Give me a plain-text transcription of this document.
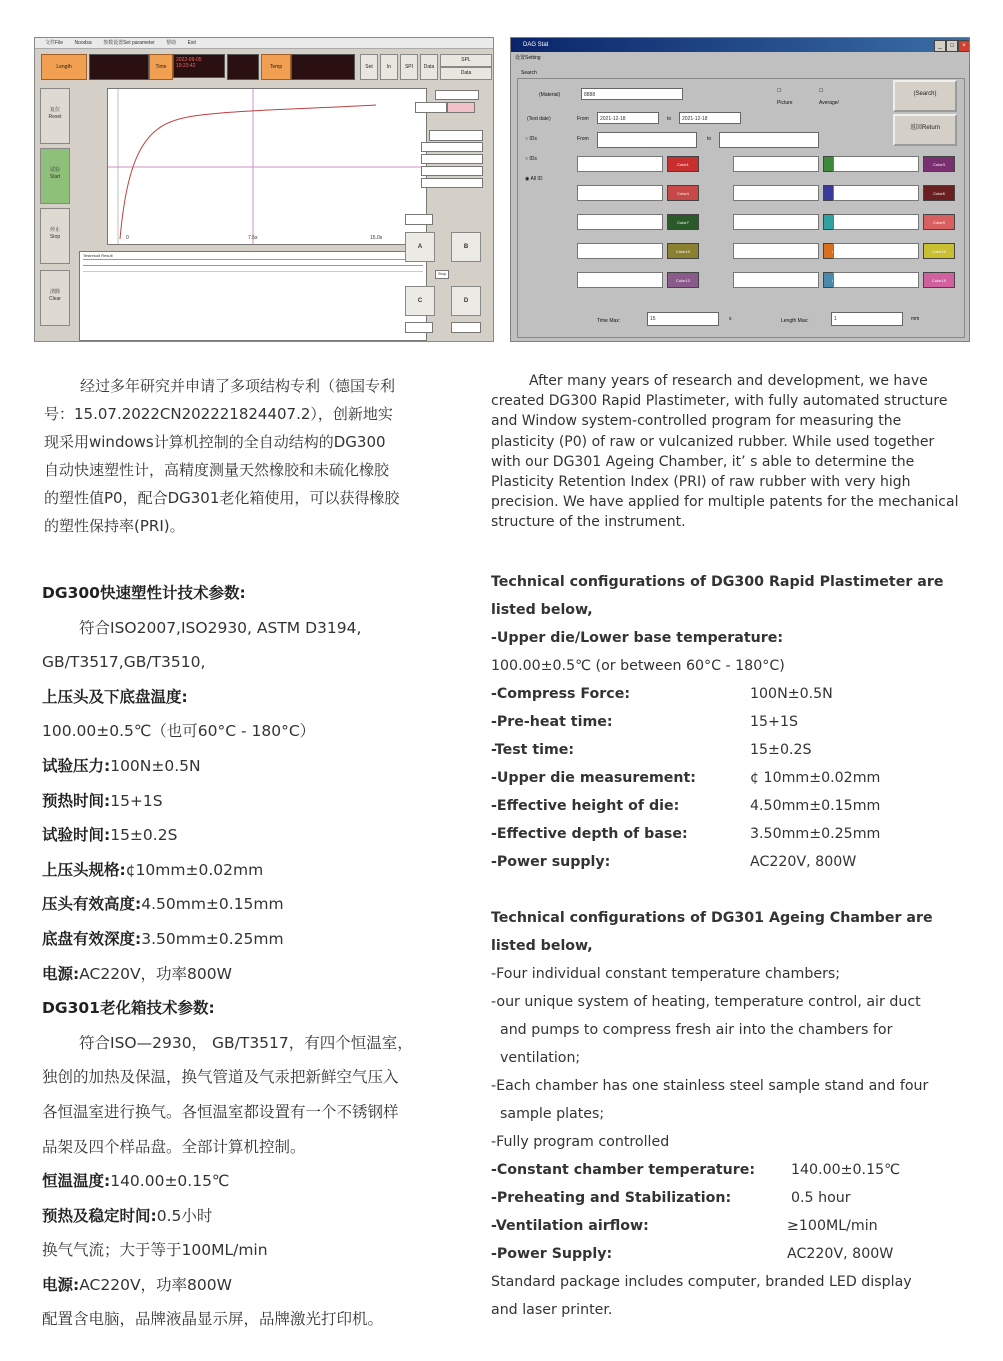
文件File Noodsa 参数设置Set parameter 帮助 Exit
Length	Time
2022-09-05 19:23:42	Temp	Set	In	SPI	Data
SPL
Data
复位
Reset
试验
Start
停止
Stop
清除
Clear
0	7.5s	15.0s
Testresult Result
A	B
Stop
C	D
DAG Stat	_	□	×
设置Setting
Search
(Material)	8888
☐
Picture
☐
Average/
(Search)
(Test date)	From	2021-12-18	to	2021-12-18
返回Return
○ IDs	From	to
○ IDs
◉ All ID
Color1	Color3
Color4	Color6
Color7	Color9
Color10	Color12
Color13	Color15
Time Max:	15	s	Length Max:	1	mm
经过多年研究并申请了多项结构专利（德国专利
号：15.07.2022CN202221824407.2），创新地实
现采用windows计算机控制的全自动结构的DG300
自动快速塑性计，高精度测量天然橡胶和未硫化橡胶
的塑性值P0，配合DG301老化箱使用，可以获得橡胶
的塑性保持率(PRI)。
After many years of research and development, we have
created DG300 Rapid Plastimeter, with fully automated structure
and Window system-controlled program for measuring the
plasticity (P0) of raw or vulcanized rubber. While used together
with our DG301 Ageing Chamber, it’ s able to determine the
Plasticity Retention Index (PRI) of raw rubber with very high
precision. We have applied for multiple patents for the mechanical
structure of the instrument.
DG300快速塑性计技术参数:
符合ISO2007,ISO2930, ASTM D3194,
GB/T3517,GB/T3510,
上压头及下底盘温度:
100.00±0.5℃（也可60°C - 180°C）
试验压力:100N±0.5N
预热时间:15+1S
试验时间:15±0.2S
上压头规格:¢10mm±0.02mm
压头有效高度:4.50mm±0.15mm
底盘有效深度:3.50mm±0.25mm
电源:AC220V，功率800W
DG301老化箱技术参数:
符合ISO—2930， GB/T3517，有四个恒温室，
独创的加热及保温，换气管道及气汞把新鲜空气压入
各恒温室进行换气。各恒温室都设置有一个不锈钢样
品架及四个样品盘。全部计算机控制。
恒温温度:140.00±0.15℃
预热及稳定时间:0.5小时
换气气流；大于等于100ML/min
电源:AC220V，功率800W
配置含电脑，品牌液晶显示屏，品牌激光打印机。
Technical configurations of DG300 Rapid Plastimeter are
listed below,
-Upper die/Lower base temperature:
100.00±0.5℃ (or between 60°C - 180°C)
-Compress Force:	100N±0.5N
-Pre-heat time:	15+1S
-Test time:	15±0.2S
-Upper die measurement:	¢ 10mm±0.02mm
-Effective height of die:	4.50mm±0.15mm
-Effective depth of base:	3.50mm±0.25mm
-Power supply:	AC220V, 800W
Technical configurations of DG301 Ageing Chamber are
listed below,
-Four individual constant temperature chambers;
-our unique system of heating, temperature control, air duct
and pumps to compress fresh air into the chambers for
ventilation;
-Each chamber has one stainless steel sample stand and four
sample plates;
-Fully program controlled
-Constant chamber temperature:	140.00±0.15℃
-Preheating and Stabilization:	0.5 hour
-Ventilation airflow:	≥100ML/min
-Power Supply:	AC220V, 800W
Standard package includes computer, branded LED display
and laser printer.
